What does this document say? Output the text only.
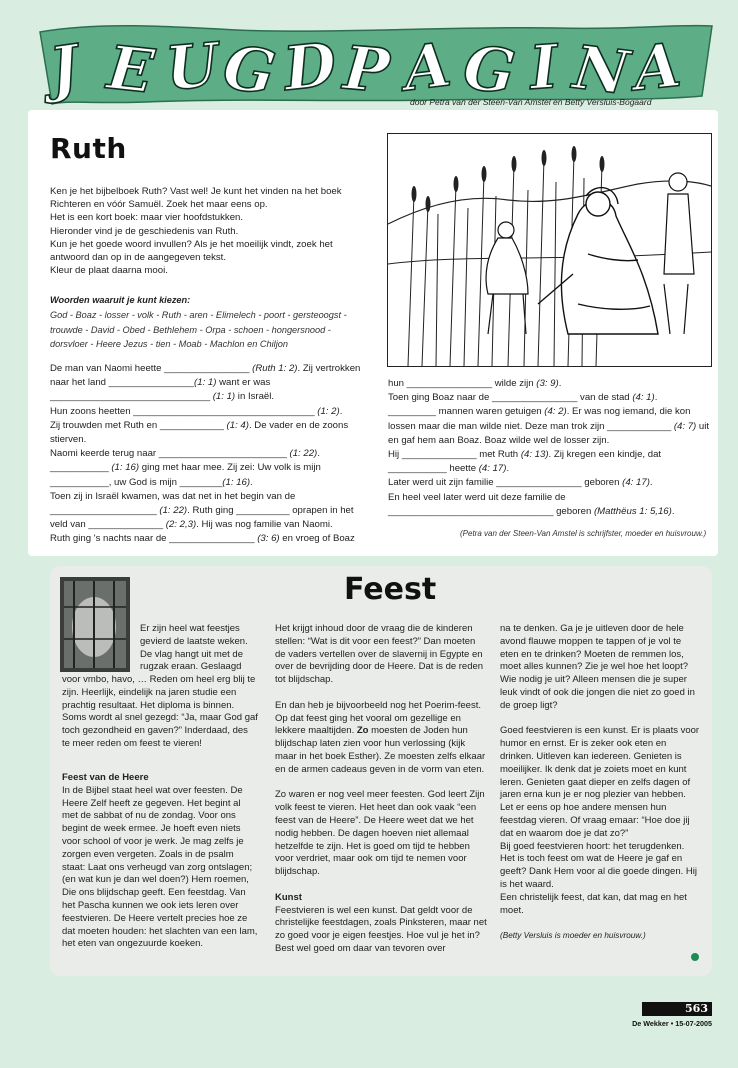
J E U
G D P A G I N
A
door Petra van der Steen-Van Amstel en Betty Versluis-Bogaard
Ruth

Ken je het bijbelboek Ruth? Vast wel! Je kunt het vinden na het boek Richteren en vóór Samuël. Zoek het maar eens op.

Het is een kort boek: maar vier hoofdstukken.

Hieronder vind je de geschiedenis van Ruth.

Kun je het goede woord invullen? Als je het moeilijk vindt, zoek het antwoord dan op in de aangegeven tekst.

Kleur de plaat daarna mooi.

Woorden waaruit je kunt kiezen:
God - Boaz - losser - volk - Ruth - aren - Elimelech - poort - gersteoogst - trouwde - David - Obed - Bethlehem - Orpa - schoen - hongersnood - dorsvloer - Heere Jezus - tien - Moab - Machlon en Chiljon

De man van Naomi heette ________________ (Ruth 1: 2). Zij vertrokken naar het land ________________(1: 1) want er was ______________________________ (1: 1) in Israël.

Hun zoons heetten __________________________________ (1: 2).

Zij trouwden met Ruth en ____________ (1: 4). De vader en de zoons stierven.

Naomi keerde terug naar ________________________ (1: 22).

___________ (1: 16) ging met haar mee. Zij zei: Uw volk is mijn ___________, uw God is mijn ________(1: 16).

Toen zij in Israël kwamen, was dat net in het begin van de ____________________ (1: 22). Ruth ging __________ oprapen in het veld van ______________ (2: 2,3). Hij was nog familie van Naomi.

Ruth ging 's nachts naar de ________________ (3: 6) en vroeg of Boaz

hun ________________ wilde zijn (3: 9).

Toen ging Boaz naar de ________________ van de stad (4: 1).

_________ mannen waren getuigen (4: 2). Er was nog iemand, die kon lossen maar die man wilde niet. Deze man trok zijn ____________ (4: 7) uit en gaf hem aan Boaz. Boaz wilde wel de losser zijn.

Hij ______________ met Ruth (4: 13). Zij kregen een kindje, dat ___________ heette (4: 17).

Later werd uit zijn familie ________________ geboren (4: 17).

En heel veel later werd uit deze familie de _______________________________ geboren (Matthëus 1: 5,16).

(Petra van der Steen-Van Amstel is schrijfster, moeder en huisvrouw.)
Feest
Er zijn heel wat feestjes gevierd de laatste weken. De vlag hangt uit met de rugzak eraan. Geslaagd
voor vmbo, havo, … Reden om heel erg blij te zijn. Heerlijk, eindelijk na jaren studie een prachtig resultaat. Het diploma is binnen. Soms wordt al snel gezegd: “Ja, maar God gaf toch gezondheid en gaven?” Inderdaad, des te meer reden om feest te vieren!
Feest van de Heere

In de Bijbel staat heel wat over feesten. De Heere Zelf heeft ze gegeven. Het begint al met de sabbat of nu de zondag. Voor ons begint de week ermee. Je hoeft even niets voor school of voor je werk. Je mag zelfs je zorgen even vergeten. Zoals in de psalm staat: Laat ons verheugd van zorg ontslagen; (en wat kun je dan wel doen?) Hem roemen, Die ons blijdschap geeft. Een feestdag. Van het Pascha kunnen we ook iets leren over feestvieren. De Heere vertelt precies hoe ze dat moeten houden: het slachten van een lam, het eten van ongezuurde koeken.

Het krijgt inhoud door de vraag die de kinderen stellen: “Wat is dit voor een feest?” Dan moeten de vaders vertellen over de slavernij in Egypte en over de bevrijding door de Heere. Dat is de reden tot blijdschap.

En dan heb je bijvoorbeeld nog het Poerim-feest. Op dat feest ging het vooral om gezellige en lekkere maaltijden. Zo moesten de Joden hun blijdschap laten zien voor hun verlossing (kijk maar in het boek Esther). Ze moesten zelfs elkaar en de armen cadeaus geven in de vorm van eten.

Zo waren er nog veel meer feesten. God leert Zijn volk feest te vieren. Het heet dan ook vaak “een feest van de Heere”. De Heere weet dat we het nodig hebben. De dagen hoeven niet allemaal hetzelfde te zijn. Het is goed om tijd te hebben voor verdriet, maar ook om tijd te nemen voor blijdschap.

Kunst

Feestvieren is wel een kunst. Dat geldt voor de christelijke feestdagen, zoals Pinksteren, maar net zo goed voor je eigen feestjes. Hoe vul je het in? Best wel goed om daar van tevoren over

na te denken. Ga je je uitleven door de hele avond flauwe moppen te tappen of je vol te eten en te drinken? Moeten de remmen los, moet alles kunnen? Zie je wel hoe het loopt? Wie nodig je uit? Alleen mensen die je super leuk vindt of ook die jongen die niet zo goed in de groep ligt?

Goed feestvieren is een kunst. Er is plaats voor humor en ernst. Er is zeker ook eten en drinken. Uitleven kan iedereen. Genieten is moeilijker. Ik denk dat je zoiets moet en kunt leren. Genieten gaat dieper en zelfs dagen of jaren erna kun je er nog plezier van hebben. Let er eens op hoe andere mensen hun feestdag vieren. Of vraag emaar: “Hoe doe jij dat en waarom doe je dat zo?”

Bij goed feestvieren hoort: het terugdenken. Het is toch feest om wat de Heere je gaf en geeft? Dank Hem voor al die goede dingen. Hij is het waard.

Een christelijk feest, dat kan, dat mag en het moet.

(Betty Versluis is moeder en huisvrouw.)

563
De Wekker • 15-07-2005
